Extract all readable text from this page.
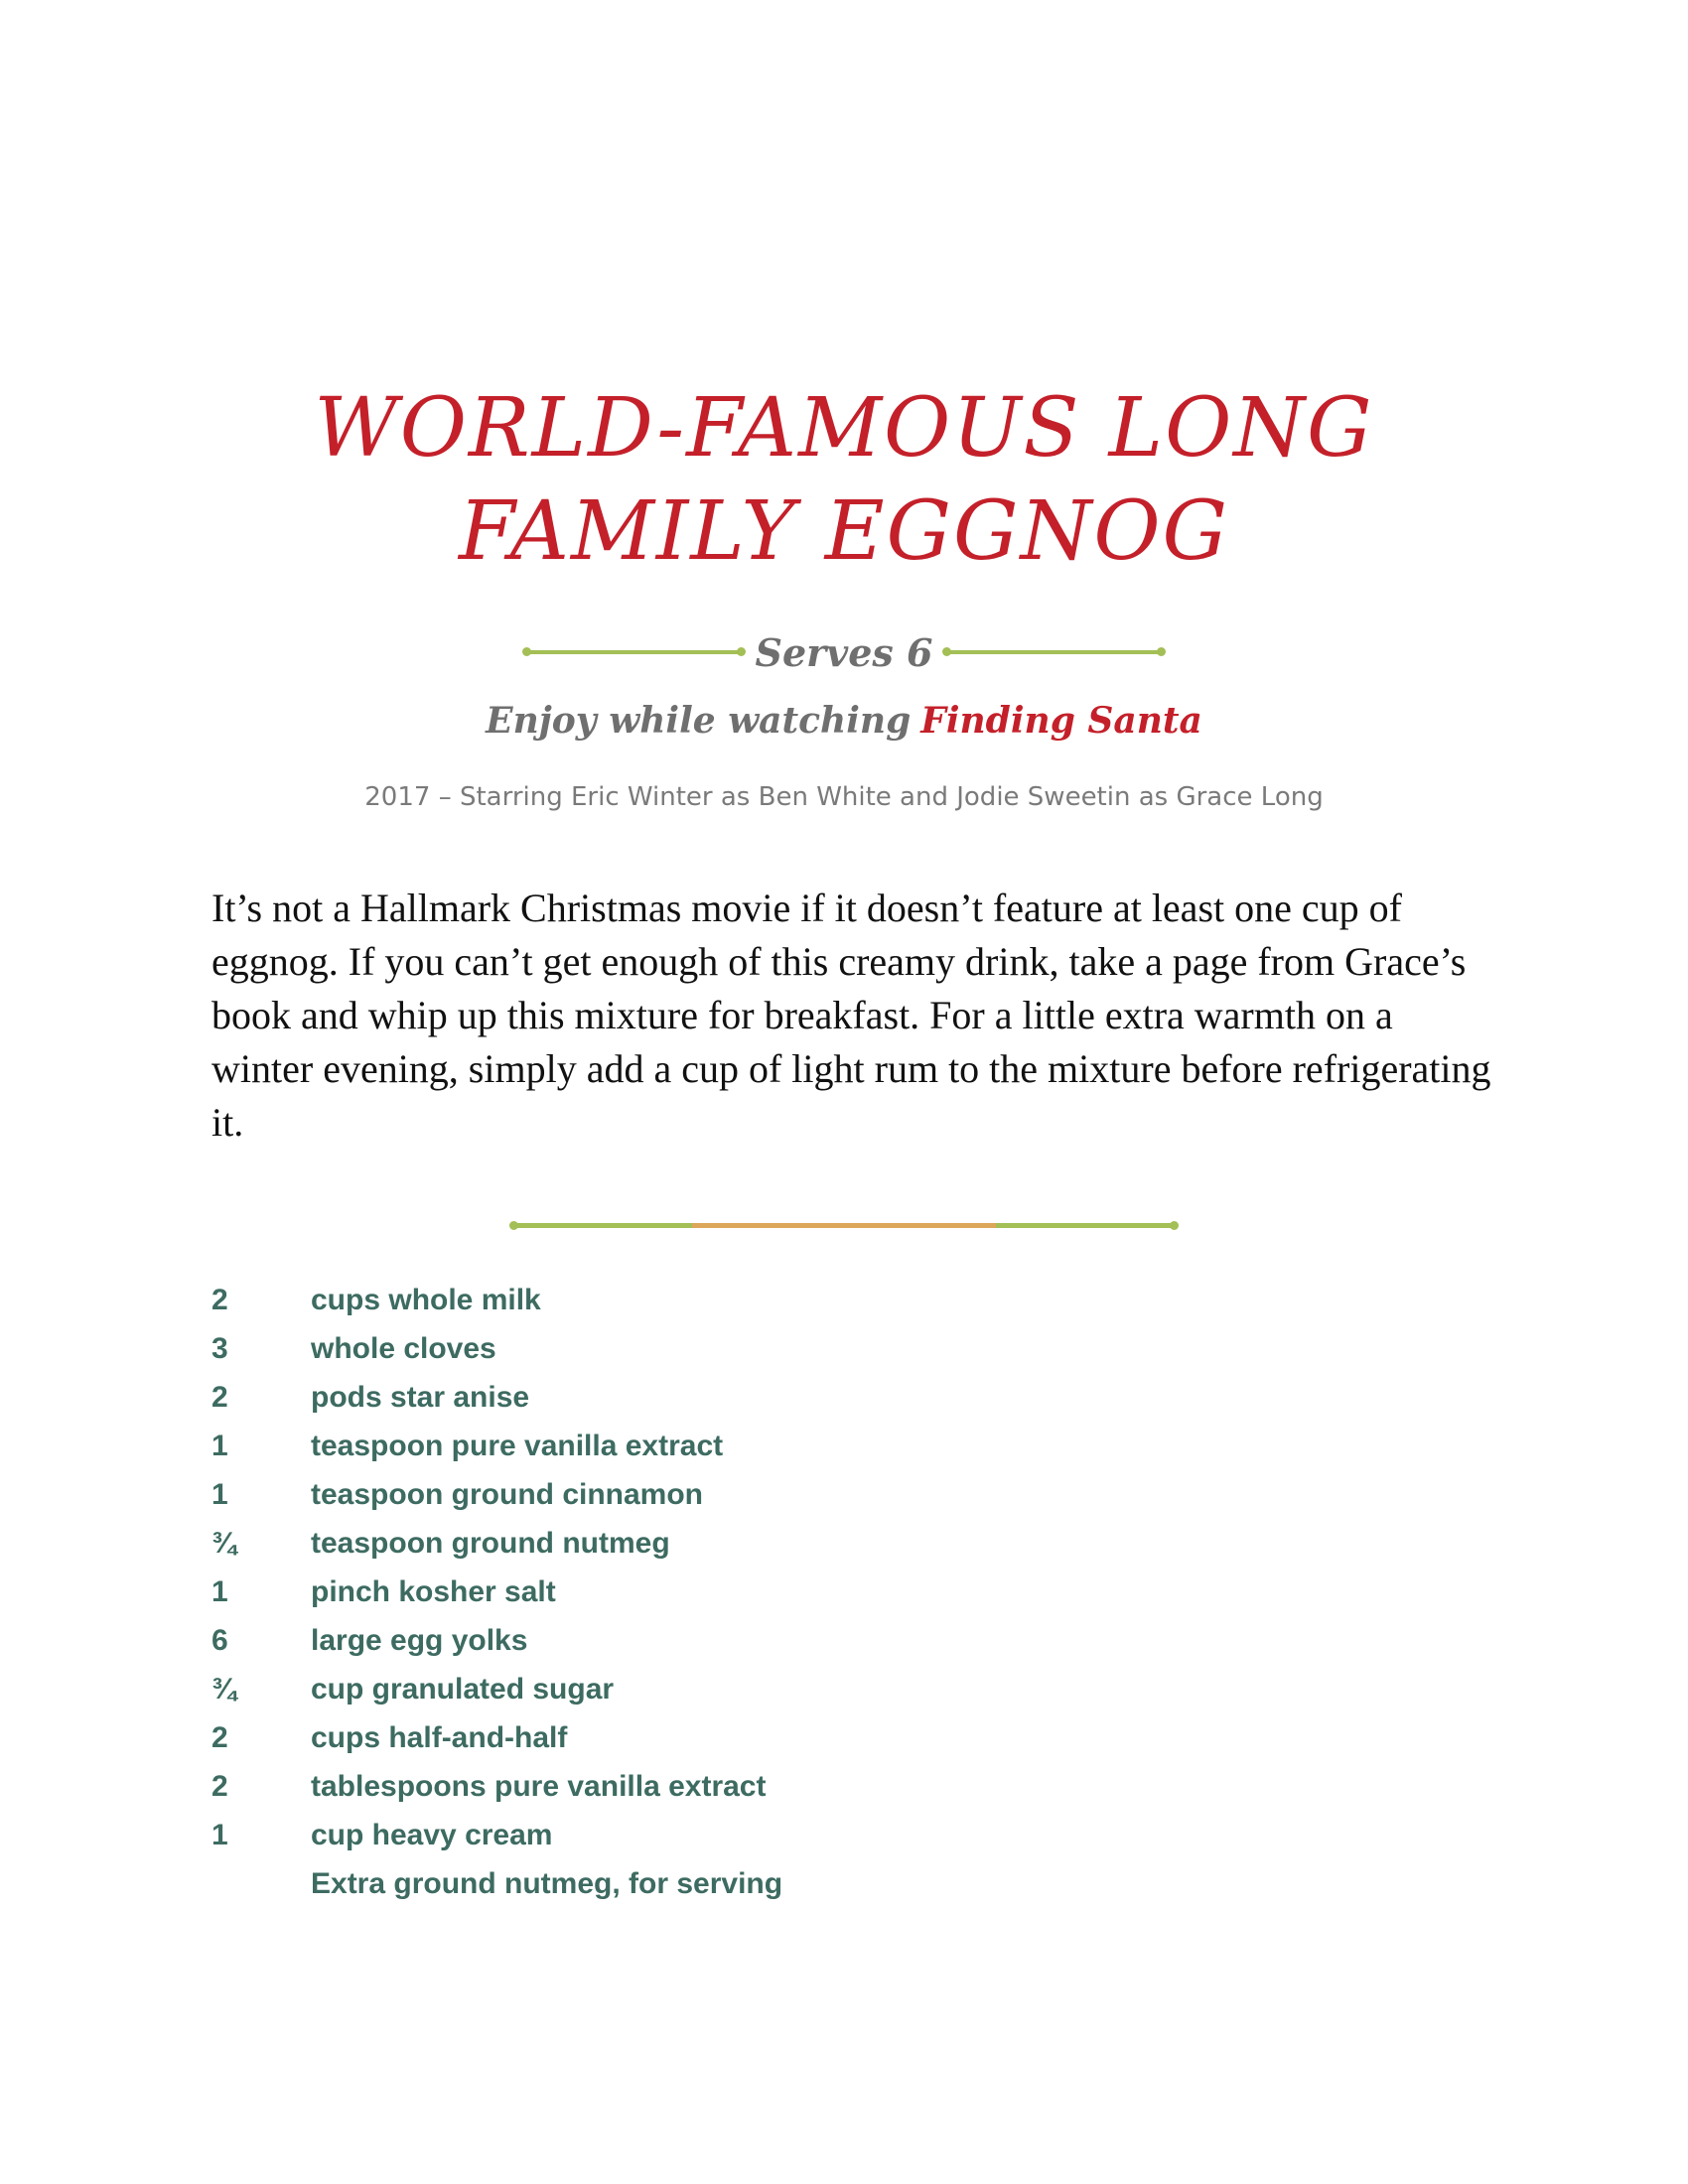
WORLD-FAMOUS LONG
FAMILY EGGNOG
Serves 6
Enjoy while watching Finding Santa
2017 – Starring Eric Winter as Ben White and Jodie Sweetin as Grace Long

It’s not a Hallmark Christmas movie if it doesn’t feature at least one cup of eggnog. If you can’t get enough of this creamy drink, take a page from Grace’s book and whip up this mixture for breakfast. For a little extra warmth on a winter evening, simply add a cup of light rum to the mixture before refrigerating it.

2	cups whole milk
3	whole cloves
2	pods star anise
1	teaspoon pure vanilla extract
1	teaspoon ground cinnamon
¾	teaspoon ground nutmeg
1	pinch kosher salt
6	large egg yolks
¾	cup granulated sugar
2	cups half-and-half
2	tablespoons pure vanilla extract
1	cup heavy cream
Extra ground nutmeg, for serving
